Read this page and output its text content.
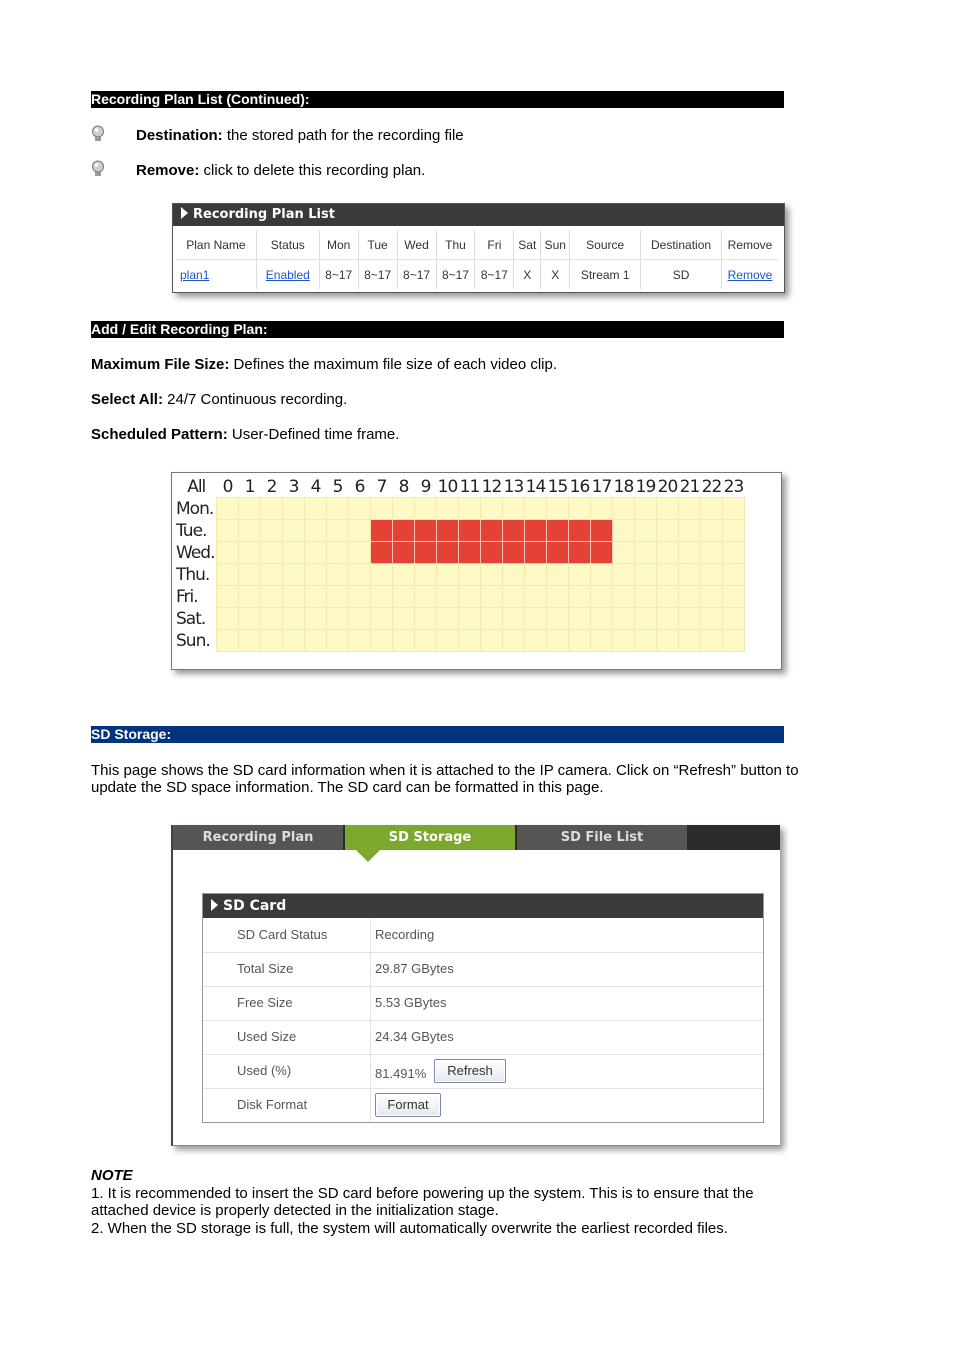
Recording Plan List (Continued):
Destination: the stored path for the recording file
Remove: click to delete this recording plan.
Recording Plan List
Plan Name	Status	Mon	Tue	Wed	Thu	Fri	Sat	Sun	Source	Destination	Remove
plan1	Enabled	8~17	8~17	8~17	8~17	8~17	X	X	Stream 1	SD	Remove
Add / Edit Recording Plan:
Maximum File Size: Defines the maximum file size of each video clip.
Select All: 24/7 Continuous recording.
Scheduled Pattern: User-Defined time frame.
All	0	1	2	3	4	5	6	7	8	9	10	11	12	13	14	15	16	17	18	19	20	21	22	23
Mon.																								
Tue.																								
Wed.																								
Thu.																								
Fri.																								
Sat.																								
Sun.																								
SD Storage:
This page shows the SD card information when it is attached to the IP camera. Click on “Refresh” button to
update the SD space information. The SD card can be formatted in this page.
Recording Plan	SD Storage	SD File List
SD Card
SD Card Status	Recording
Total Size	29.87 GBytes
Free Size	5.53 GBytes
Used Size	24.34 GBytes
Used (%)	81.491%	Refresh
Disk Format	Format
NOTE
1. It is recommended to insert the SD card before powering up the system. This is to ensure that the
attached device is properly detected in the initialization stage.
2. When the SD storage is full, the system will automatically overwrite the earliest recorded files.
